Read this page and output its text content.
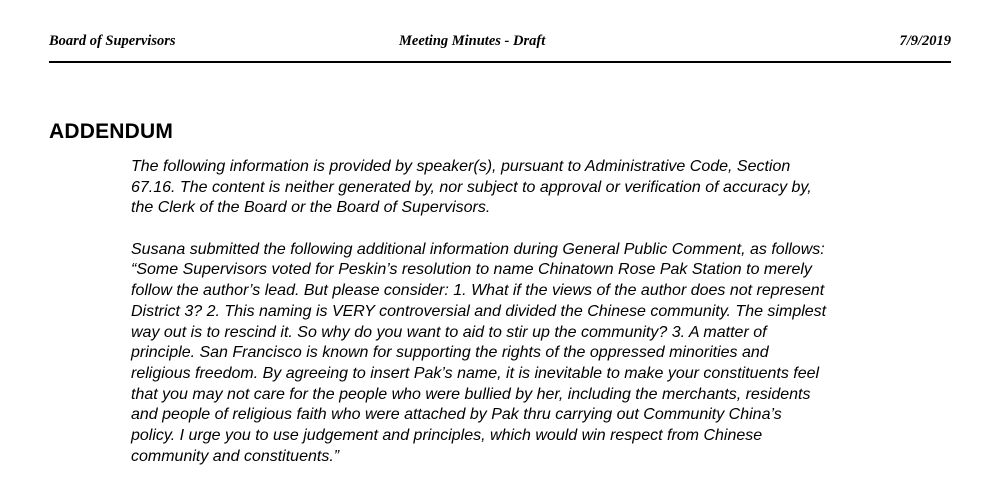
Board of Supervisors	Meeting Minutes - Draft	7/9/2019
ADDENDUM
The following information is provided by speaker(s), pursuant to Administrative Code, Section
67.16. The content is neither generated by, nor subject to approval or verification of accuracy by,
the Clerk of the Board or the Board of Supervisors.
Susana submitted the following additional information during General Public Comment, as follows:
“Some Supervisors voted for Peskin’s resolution to name Chinatown Rose Pak Station to merely
follow the author’s lead. But please consider: 1. What if the views of the author does not represent
District 3? 2. This naming is VERY controversial and divided the Chinese community. The simplest
way out is to rescind it. So why do you want to aid to stir up the community? 3. A matter of
principle. San Francisco is known for supporting the rights of the oppressed minorities and
religious freedom. By agreeing to insert Pak’s name, it is inevitable to make your constituents feel
that you may not care for the people who were bullied by her, including the merchants, residents
and people of religious faith who were attached by Pak thru carrying out Community China’s
policy. I urge you to use judgement and principles, which would win respect from Chinese
community and constituents.”
